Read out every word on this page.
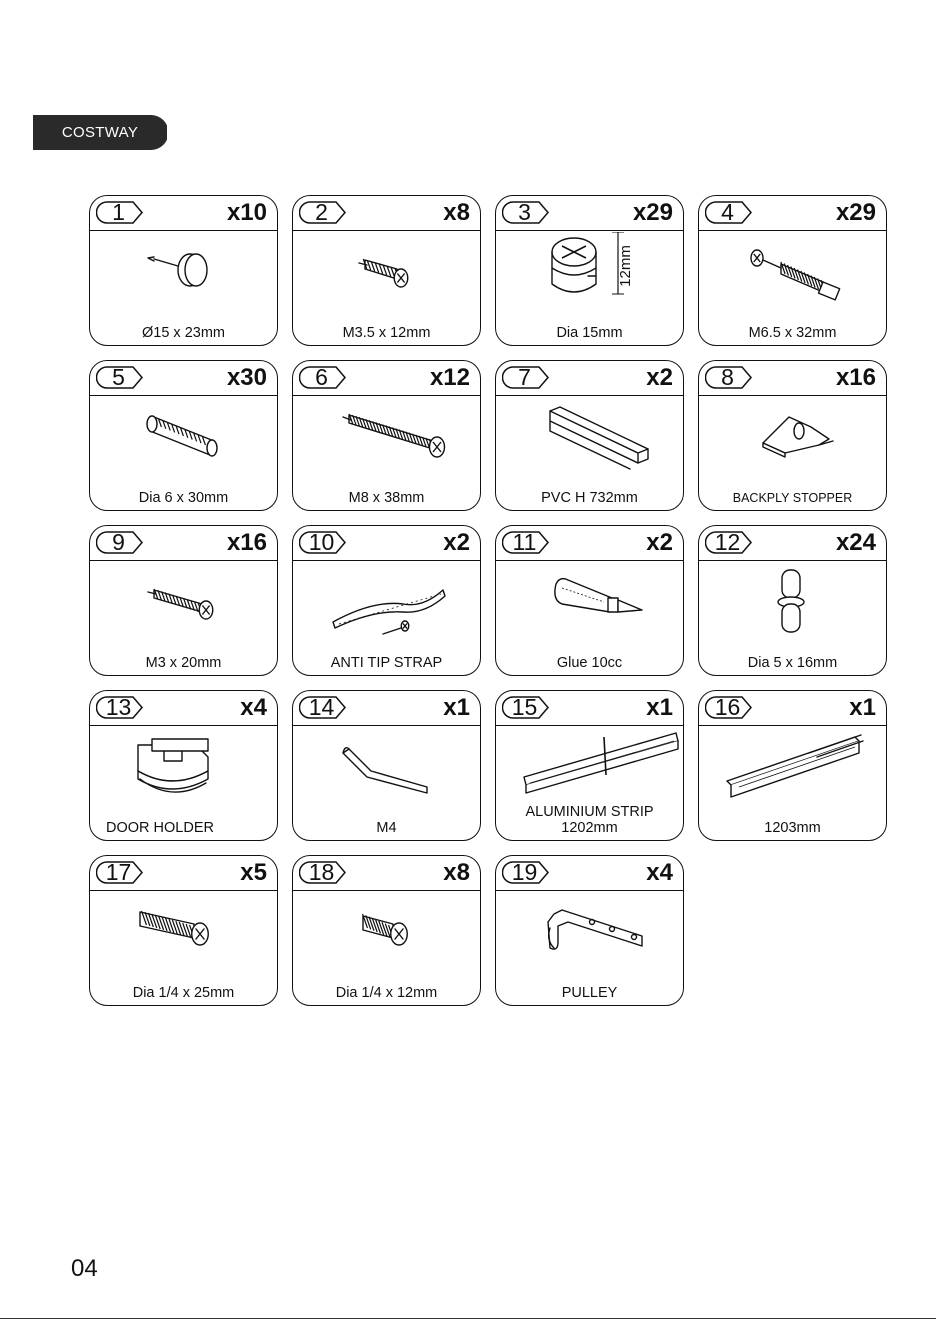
COSTWAY
1	x10
Ø15 x 23mm
2	x8
M3.5 x 12mm
3	x29
12mm
Dia 15mm
4	x29
M6.5 x 32mm
5	x30
Dia 6 x 30mm
6	x12
M8 x 38mm
7	x2
PVC H 732mm
8	x16
BACKPLY STOPPER
9	x16
M3 x 20mm
10	x2
ANTI TIP STRAP
11	x2
Glue 10cc
12	x24
Dia 5 x 16mm
13	x4
DOOR HOLDER
14	x1
M4
15	x1
ALUMINIUM STRIP
1202mm
16	x1
1203mm
17	x5
Dia 1/4 x 25mm
18	x8
Dia 1/4 x 12mm
19	x4
PULLEY
04
